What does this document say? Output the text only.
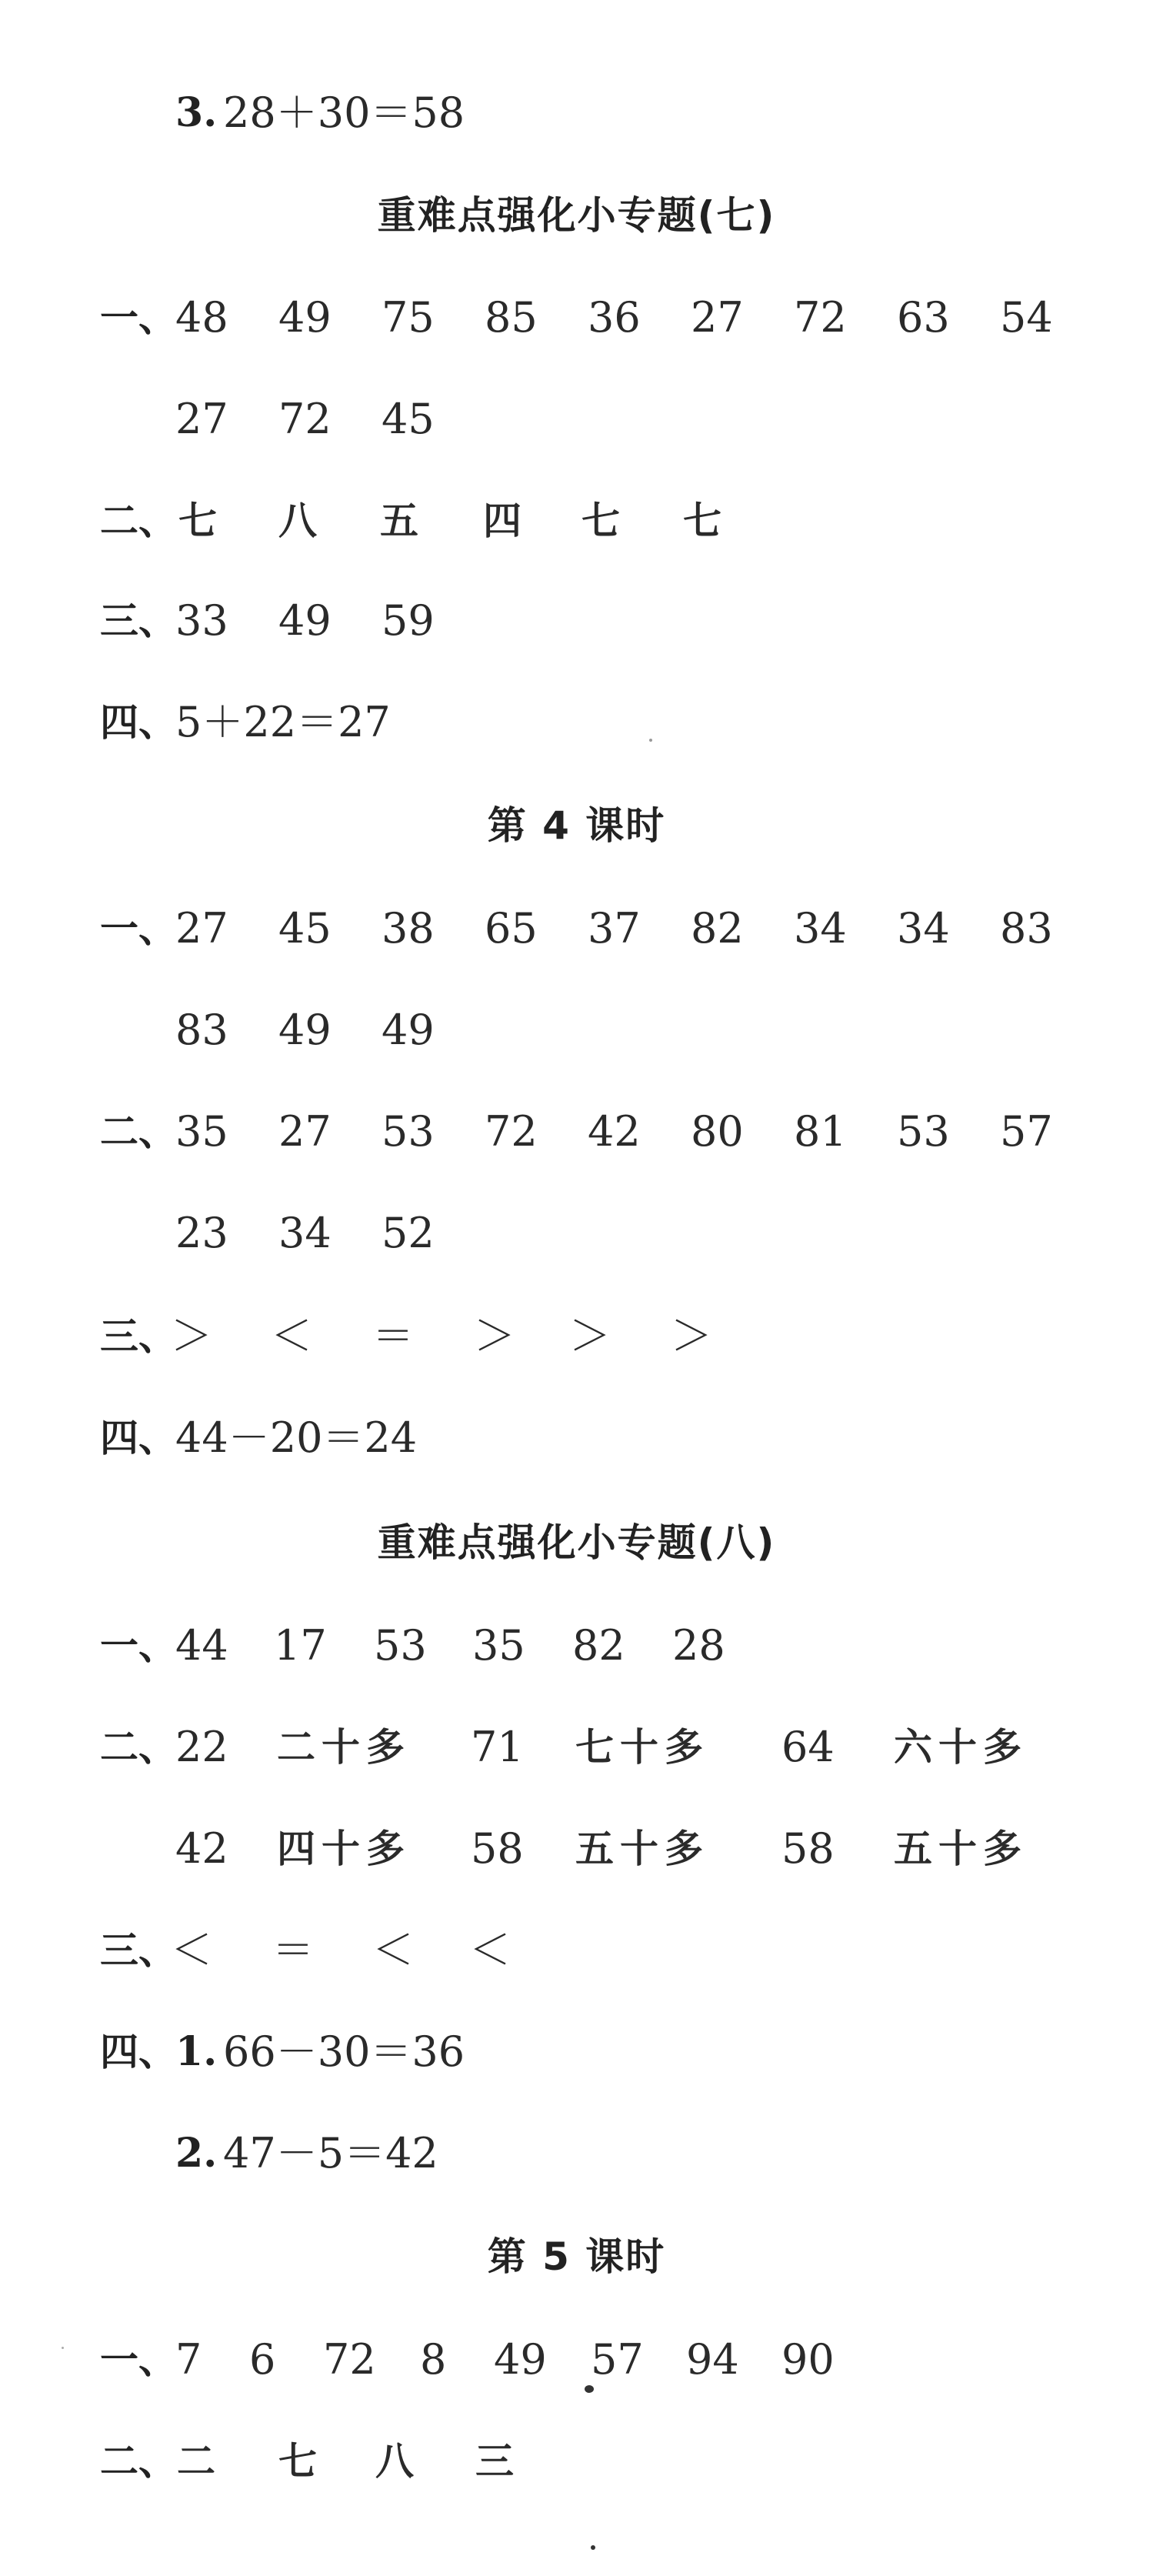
3. 28＋30＝58
重难点强化小专题(七)
一、
48 49 75 85 36 27 72 63 54
27 72 45
二、 七 八 五 四 七 七
三、
33 49 59
四、
5＋22＝27
第 4 课时
一、
27 45 38 65 37 82 34 34 83
83 49 49
二、
35 27 53 72 42 80 81 53 57
23 34 52
三、
＞ ＜ ＝ ＞ ＞ ＞
四、
44－20＝24
重难点强化小专题(八)
一、
44 17 53 35 82 28
二、
22 二十多 71 七十多 64 六十多
42 四十多 58 五十多 58 五十多
三、
＜ ＝ ＜ ＜
四、
1. 66－30＝36
2. 47－5＝42
第 5 课时
一、
7 6 72 8 49 57 94 90
二、 二 七 八 三
